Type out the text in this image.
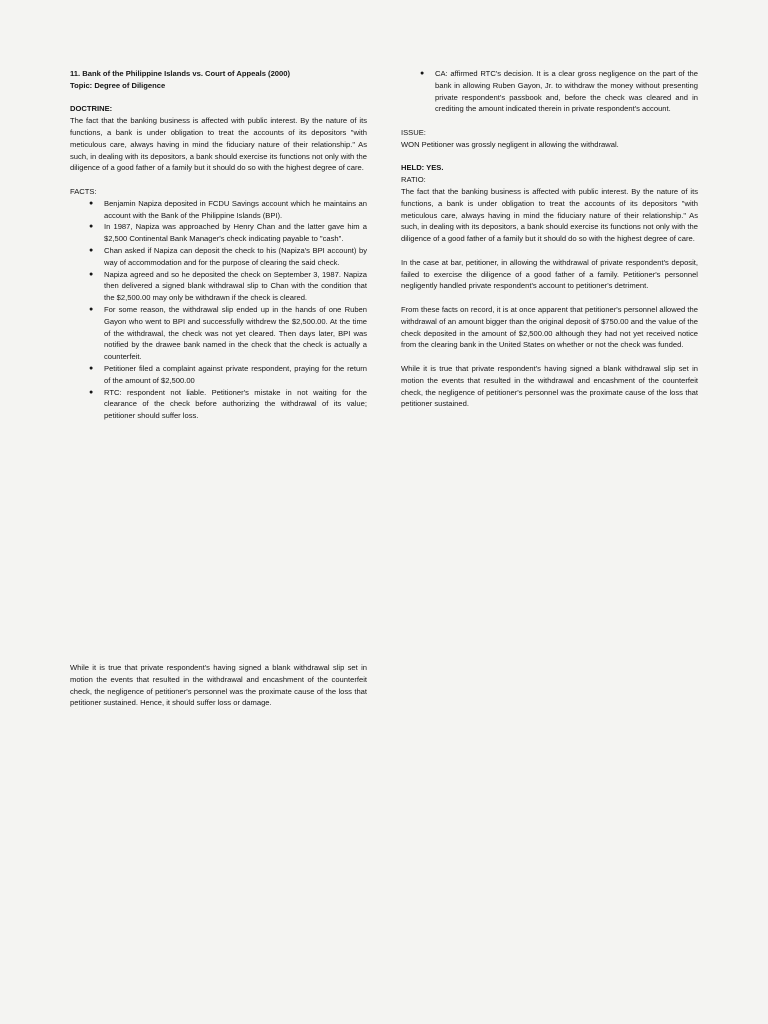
11. Bank of the Philippine Islands vs. Court of Appeals (2000)
Topic: Degree of Diligence
DOCTRINE:

The fact that the banking business is affected with public interest. By the nature of its functions, a bank is under obligation to treat the accounts of its depositors "with meticulous care, always having in mind the fiduciary nature of their relationship." As such, in dealing with its depositors, a bank should exercise its functions not only with the diligence of a good father of a family but it should do so with the highest degree of care.

FACTS:
● Benjamin Napiza deposited in FCDU Savings account which he maintains an account with the Bank of the Philippine Islands (BPI).
● In 1987, Napiza was approached by Henry Chan and the latter gave him a $2,500 Continental Bank Manager's check indicating payable to "cash".
● Chan asked if Napiza can deposit the check to his (Napiza's BPI account) by way of accommodation and for the purpose of clearing the said check.
● Napiza agreed and so he deposited the check on September 3, 1987. Napiza then delivered a signed blank withdrawal slip to Chan with the condition that the $2,500.00 may only be withdrawn if the check is cleared.
● For some reason, the withdrawal slip ended up in the hands of one Ruben Gayon who went to BPI and successfully withdrew the $2,500.00. At the time of the withdrawal, the check was not yet cleared. Then days later, BPI was notified by the drawee bank named in the check that the check is actually a counterfeit.
● Petitioner filed a complaint against private respondent, praying for the return of the amount of $2,500.00
● RTC: respondent not liable. Petitioner's mistake in not waiting for the clearance of the check before authorizing the withdrawal of its value; petitioner should suffer loss.
● CA: affirmed RTC's decision. It is a clear gross negligence on the part of the bank in allowing Ruben Gayon, Jr. to withdraw the money without presenting private respondent's passbook and, before the check was cleared and in crediting the amount indicated therein in private respondent's account.
ISSUE:

WON Petitioner was grossly negligent in allowing the withdrawal.

HELD: YES.
RATIO:

The fact that the banking business is affected with public interest. By the nature of its functions, a bank is under obligation to treat the accounts of its depositors "with meticulous care, always having in mind the fiduciary nature of their relationship." As such, in dealing with its depositors, a bank should exercise its functions not only with the diligence of a good father of a family but it should do so with the highest degree of care.

In the case at bar, petitioner, in allowing the withdrawal of private respondent's deposit, failed to exercise the diligence of a good father of a family. Petitioner's personnel negligently handled private respondent's account to petitioner's detriment.

From these facts on record, it is at once apparent that petitioner's personnel allowed the withdrawal of an amount bigger than the original deposit of $750.00 and the value of the check deposited in the amount of $2,500.00 although they had not yet received notice from the clearing bank in the United States on whether or not the check was funded.

While it is true that private respondent's having signed a blank withdrawal slip set in motion the events that resulted in the withdrawal and encashment of the counterfeit check, the negligence of petitioner's personnel was the proximate cause of the loss that petitioner sustained.

While it is true that private respondent's having signed a blank withdrawal slip set in motion the events that resulted in the withdrawal and encashment of the counterfeit check, the negligence of petitioner's personnel was the proximate cause of the loss that petitioner sustained. Hence, it should suffer loss or damage.
